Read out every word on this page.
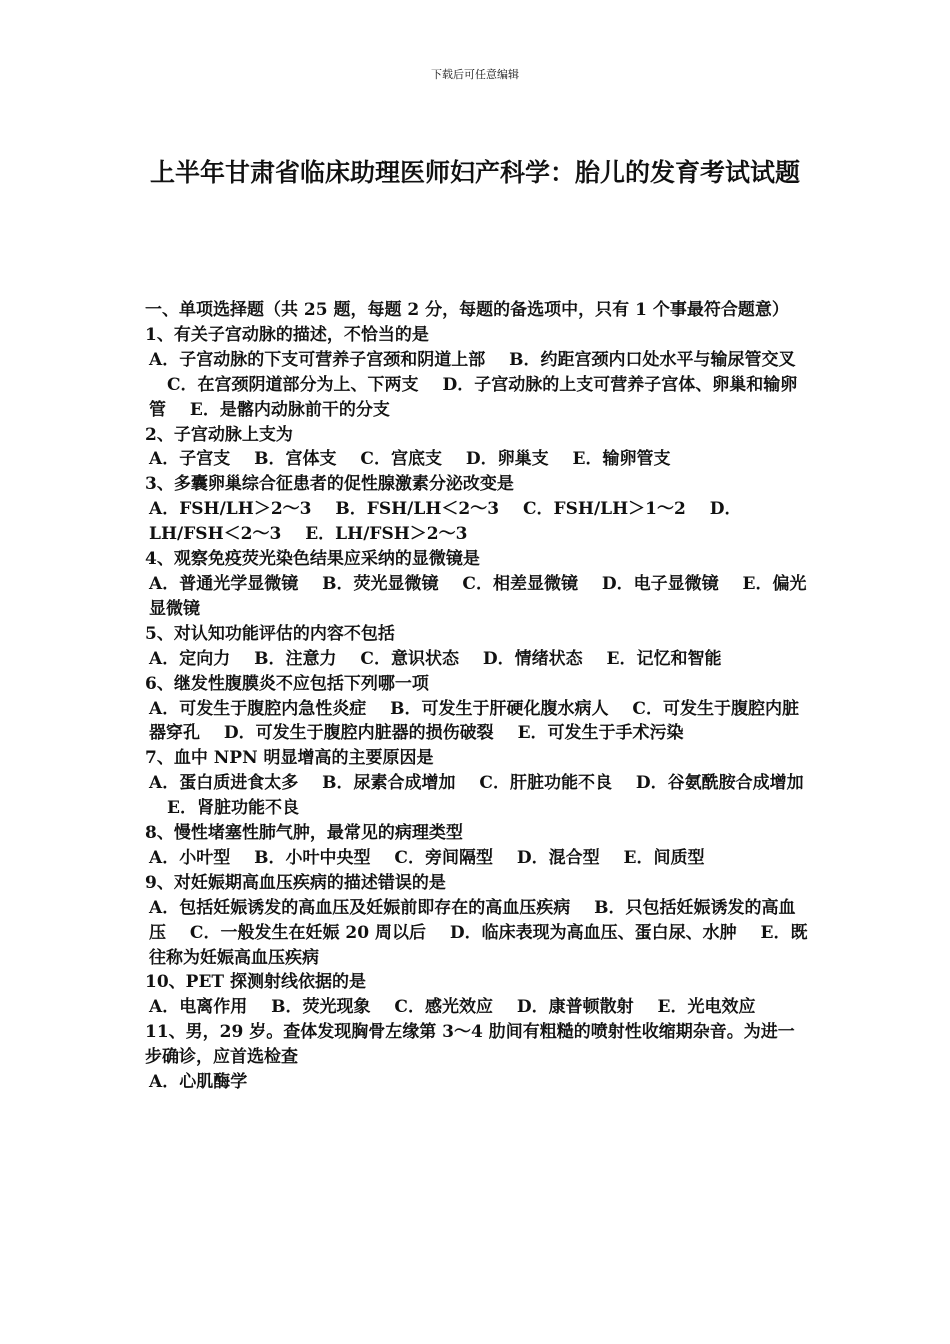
下载后可任意编辑
上半年甘肃省临床助理医师妇产科学：胎儿的发育考试试题

一、单项选择题（共 25 题，每题 2 分，每题的备选项中，只有 1 个事最符合题意）

1、有关子宫动脉的描述，不恰当的是

A．子宫动脉的下支可营养子宫颈和阴道上部 B．约距宫颈内口处水平与输尿管交叉 C．在宫颈阴道部分为上、下两支 D．子宫动脉的上支可营养子宫体、卵巢和输卵管 E．是髂内动脉前干的分支

2、子宫动脉上支为

A．子宫支 B．宫体支 C．宫底支 D．卵巢支 E．输卵管支

3、多囊卵巢综合征患者的促性腺激素分泌改变是

A．FSH/LH＞2～3 B．FSH/LH＜2～3 C．FSH/LH＞1～2 D．LH/FSH＜2～3 E．LH/FSH＞2～3

4、观察免疫荧光染色结果应采纳的显微镜是

A．普通光学显微镜 B．荧光显微镜 C．相差显微镜 D．电子显微镜 E．偏光显微镜

5、对认知功能评估的内容不包括

A．定向力 B．注意力 C．意识状态 D．情绪状态 E．记忆和智能

6、继发性腹膜炎不应包括下列哪一项

A．可发生于腹腔内急性炎症 B．可发生于肝硬化腹水病人 C．可发生于腹腔内脏器穿孔 D．可发生于腹腔内脏器的损伤破裂 E．可发生于手术污染

7、血中 NPN 明显增高的主要原因是

A．蛋白质进食太多 B．尿素合成增加 C．肝脏功能不良 D．谷氨酰胺合成增加 E．肾脏功能不良

8、慢性堵塞性肺气肿，最常见的病理类型

A．小叶型 B．小叶中央型 C．旁间隔型 D．混合型 E．间质型

9、对妊娠期高血压疾病的描述错误的是

A．包括妊娠诱发的高血压及妊娠前即存在的高血压疾病 B．只包括妊娠诱发的高血压 C．一般发生在妊娠 20 周以后 D．临床表现为高血压、蛋白尿、水肿 E．既往称为妊娠高血压疾病

10、PET 探测射线依据的是

A．电离作用 B．荧光现象 C．感光效应 D．康普顿散射 E．光电效应

11、男，29 岁。查体发现胸骨左缘第 3～4 肋间有粗糙的喷射性收缩期杂音。为进一步确诊，应首选检查

A．心肌酶学
